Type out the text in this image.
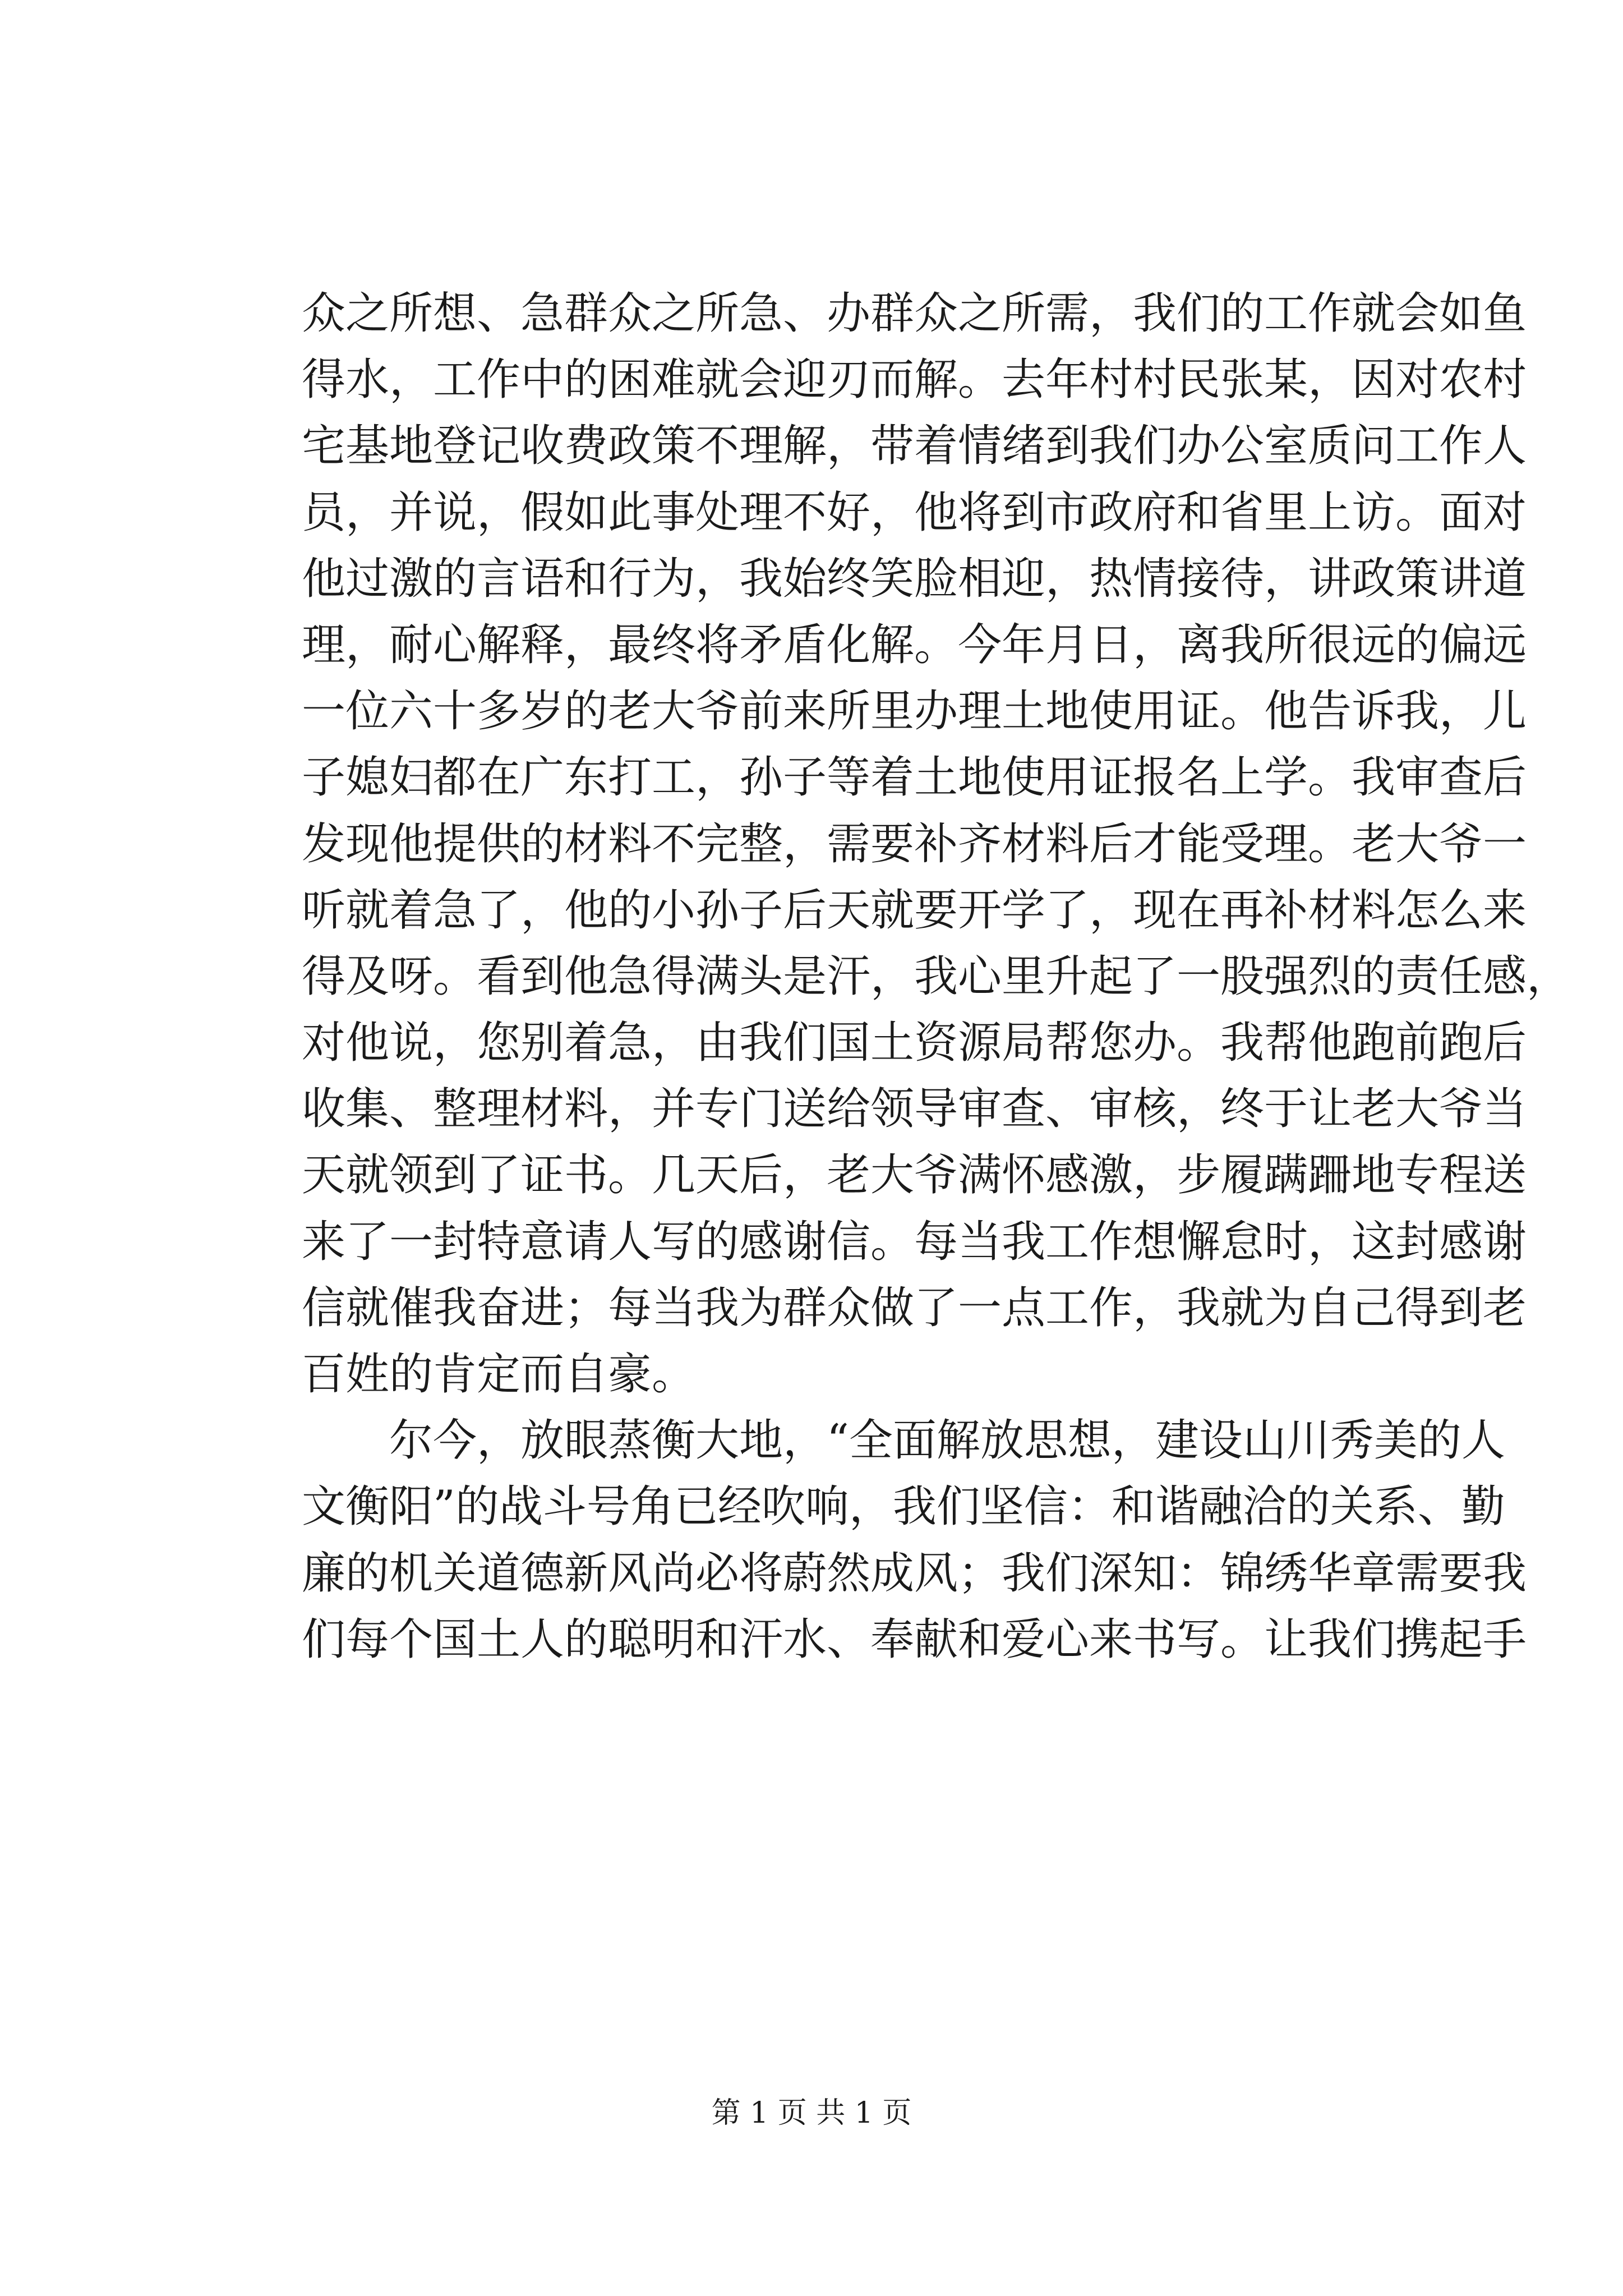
众之所想、急群众之所急、办群众之所需，我们的工作就会如鱼
得水，工作中的困难就会迎刃而解。去年村村民张某，因对农村
宅基地登记收费政策不理解，带着情绪到我们办公室质问工作人
员，并说，假如此事处理不好，他将到市政府和省里上访。面对
他过激的言语和行为，我始终笑脸相迎，热情接待，讲政策讲道
理，耐心解释，最终将矛盾化解。今年月日，离我所很远的偏远
一位六十多岁的老大爷前来所里办理土地使用证。他告诉我，儿
子媳妇都在广东打工，孙子等着土地使用证报名上学。我审查后
发现他提供的材料不完整，需要补齐材料后才能受理。老大爷一
听就着急了，他的小孙子后天就要开学了，现在再补材料怎么来
得及呀。看到他急得满头是汗，我心里升起了一股强烈的责任感，
对他说，您别着急，由我们国土资源局帮您办。我帮他跑前跑后
收集、整理材料，并专门送给领导审查、审核，终于让老大爷当
天就领到了证书。几天后，老大爷满怀感激，步履蹒跚地专程送
来了一封特意请人写的感谢信。每当我工作想懈怠时，这封感谢
信就催我奋进；每当我为群众做了一点工作，我就为自己得到老
百姓的肯定而自豪。
尔今，放眼蒸衡大地，“全面解放思想，建设山川秀美的人
文衡阳”的战斗号角已经吹响，我们坚信：和谐融洽的关系、勤
廉的机关道德新风尚必将蔚然成风；我们深知：锦绣华章需要我
们每个国土人的聪明和汗水、奉献和爱心来书写。让我们携起手
第 1 页 共 1 页
